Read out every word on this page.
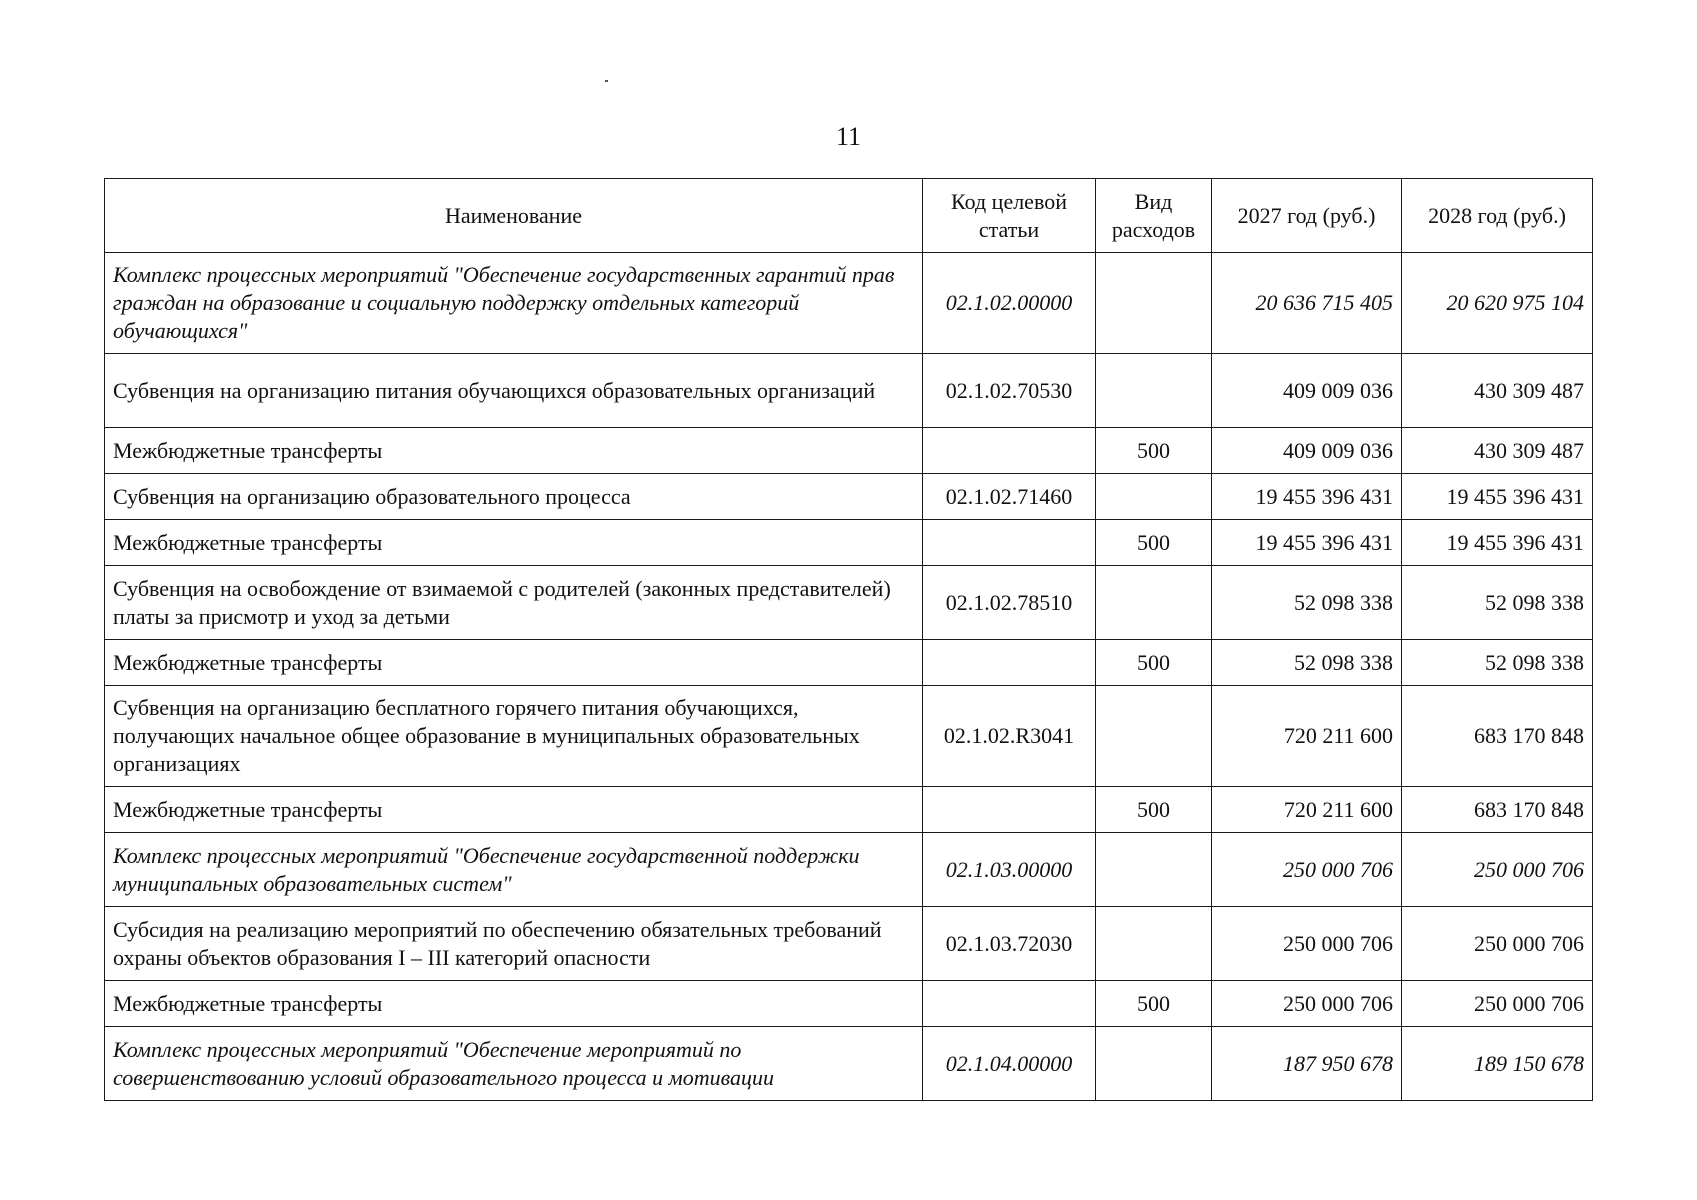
11
Наименование	Код целевой статьи	Вид расходов	2027 год (руб.)	2028 год (руб.)
Комплекс процессных мероприятий "Обеспечение государственных гарантий прав граждан на образование и социальную поддержку отдельных категорий обучающихся"	02.1.02.00000		20 636 715 405	20 620 975 104
Субвенция на организацию питания обучающихся образовательных организаций	02.1.02.70530		409 009 036	430 309 487
Межбюджетные трансферты		500	409 009 036	430 309 487
Субвенция на организацию образовательного процесса	02.1.02.71460		19 455 396 431	19 455 396 431
Межбюджетные трансферты		500	19 455 396 431	19 455 396 431
Субвенция на освобождение от взимаемой с родителей (законных представителей) платы за присмотр и уход за детьми	02.1.02.78510		52 098 338	52 098 338
Межбюджетные трансферты		500	52 098 338	52 098 338
Субвенция на организацию бесплатного горячего питания обучающихся, получающих начальное общее образование в муниципальных образовательных организациях	02.1.02.R3041		720 211 600	683 170 848
Межбюджетные трансферты		500	720 211 600	683 170 848
Комплекс процессных мероприятий "Обеспечение государственной поддержки муниципальных образовательных систем"	02.1.03.00000		250 000 706	250 000 706
Субсидия на реализацию мероприятий по обеспечению обязательных требований охраны объектов образования I – III категорий опасности	02.1.03.72030		250 000 706	250 000 706
Межбюджетные трансферты		500	250 000 706	250 000 706
Комплекс процессных мероприятий "Обеспечение мероприятий по совершенствованию условий образовательного процесса и мотивации	02.1.04.00000		187 950 678	189 150 678
